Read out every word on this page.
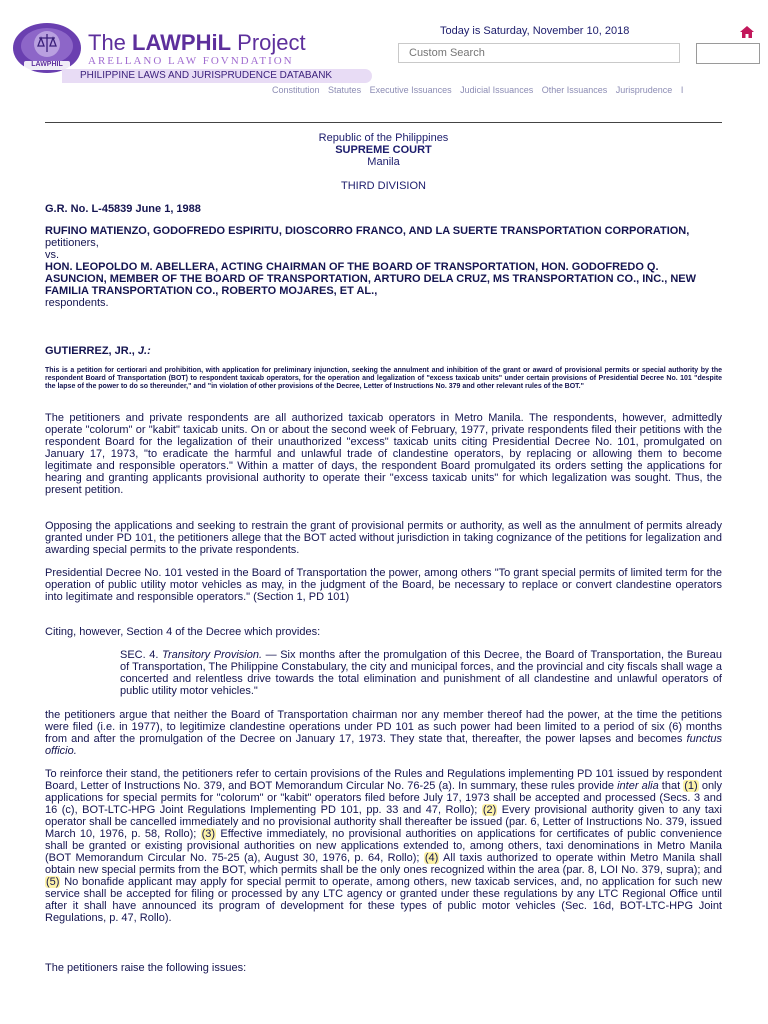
LAWPHIL
The LAWPHiL Project
ARELLANO LAW FOVNDATION
PHILIPPINE LAWS AND JURISPRUDENCE DATABANK
Today is Saturday, November 10, 2018
Custom Search
Constitution Statutes Executive Issuances Judicial Issuances Other Issuances Jurisprudence I
Republic of the Philippines
SUPREME COURT
Manila
THIRD DIVISION
G.R. No. L-45839 June 1, 1988

RUFINO MATIENZO, GODOFREDO ESPIRITU, DIOSCORRO FRANCO, AND LA SUERTE TRANSPORTATION CORPORATION, petitioners,

vs.

HON. LEOPOLDO M. ABELLERA, ACTING CHAIRMAN OF THE BOARD OF TRANSPORTATION, HON. GODOFREDO Q. ASUNCION, MEMBER OF THE BOARD OF TRANSPORTATION, ARTURO DELA CRUZ, MS TRANSPORTATION CO., INC., NEW FAMILIA TRANSPORTATION CO., ROBERTO MOJARES, ET AL.,

respondents.

GUTIERREZ, JR., J.:
This is a petition for certiorari and prohibition, with application for preliminary injunction, seeking the annulment and inhibition of the grant or award of provisional permits or special authority by the respondent Board of Transportation (BOT) to respondent taxicab operators, for the operation and legalization of "excess taxicab units" under certain provisions of Presidential Decree No. 101 "despite the lapse of the power to do so thereunder," and "in violation of other provisions of the Decree, Letter of Instructions No. 379 and other relevant rules of the BOT."
The petitioners and private respondents are all authorized taxicab operators in Metro Manila. The respondents, however, admittedly operate "colorum" or "kabit" taxicab units. On or about the second week of February, 1977, private respondents filed their petitions with the respondent Board for the legalization of their unauthorized "excess" taxicab units citing Presidential Decree No. 101, promulgated on January 17, 1973, "to eradicate the harmful and unlawful trade of clandestine operators, by replacing or allowing them to become legitimate and responsible operators." Within a matter of days, the respondent Board promulgated its orders setting the applications for hearing and granting applicants provisional authority to operate their "excess taxicab units" for which legalization was sought. Thus, the present petition.
Opposing the applications and seeking to restrain the grant of provisional permits or authority, as well as the annulment of permits already granted under PD 101, the petitioners allege that the BOT acted without jurisdiction in taking cognizance of the petitions for legalization and awarding special permits to the private respondents.
Presidential Decree No. 101 vested in the Board of Transportation the power, among others "To grant special permits of limited term for the operation of public utility motor vehicles as may, in the judgment of the Board, be necessary to replace or convert clandestine operators into legitimate and responsible operators." (Section 1, PD 101)
Citing, however, Section 4 of the Decree which provides:
SEC. 4. Transitory Provision. — Six months after the promulgation of this Decree, the Board of Transportation, the Bureau of Transportation, The Philippine Constabulary, the city and municipal forces, and the provincial and city fiscals shall wage a concerted and relentless drive towards the total elimination and punishment of all clandestine and unlawful operators of public utility motor vehicles."
the petitioners argue that neither the Board of Transportation chairman nor any member thereof had the power, at the time the petitions were filed (i.e. in 1977), to legitimize clandestine operations under PD 101 as such power had been limited to a period of six (6) months from and after the promulgation of the Decree on January 17, 1973. They state that, thereafter, the power lapses and becomes functus officio.
To reinforce their stand, the petitioners refer to certain provisions of the Rules and Regulations implementing PD 101 issued by respondent Board, Letter of Instructions No. 379, and BOT Memorandum Circular No. 76-25 (a). In summary, these rules provide inter alia that (1) only applications for special permits for "colorum" or "kabit" operators filed before July 17, 1973 shall be accepted and processed (Secs. 3 and 16 (c), BOT-LTC-HPG Joint Regulations Implementing PD 101, pp. 33 and 47, Rollo); (2) Every provisional authority given to any taxi operator shall be cancelled immediately and no provisional authority shall thereafter be issued (par. 6, Letter of Instructions No. 379, issued March 10, 1976, p. 58, Rollo); (3) Effective immediately, no provisional authorities on applications for certificates of public convenience shall be granted or existing provisional authorities on new applications extended to, among others, taxi denominations in Metro Manila (BOT Memorandum Circular No. 75-25 (a), August 30, 1976, p. 64, Rollo); (4) All taxis authorized to operate within Metro Manila shall obtain new special permits from the BOT, which permits shall be the only ones recognized within the area (par. 8, LOI No. 379, supra); and (5) No bonafide applicant may apply for special permit to operate, among others, new taxicab services, and, no application for such new service shall be accepted for filing or processed by any LTC agency or granted under these regulations by any LTC Regional Office until after it shall have announced its program of development for these types of public motor vehicles (Sec. 16d, BOT-LTC-HPG Joint Regulations, p. 47, Rollo).
The petitioners raise the following issues:
